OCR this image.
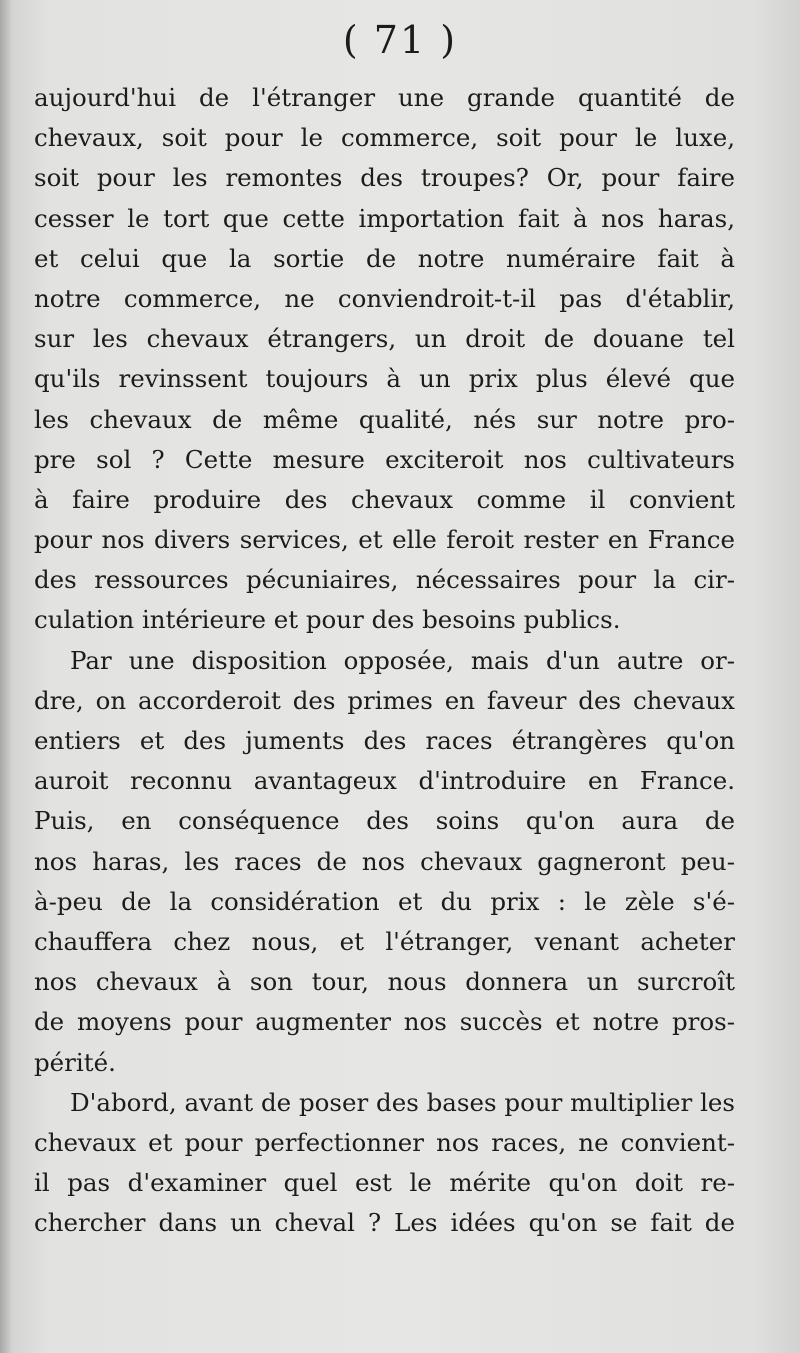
( 71 )
aujourd'hui de l'étranger une grande quantité de
chevaux, soit pour le commerce, soit pour le luxe,
soit pour les remontes des troupes? Or, pour faire
cesser le tort que cette importation fait à nos haras,
et celui que la sortie de notre numéraire fait à
notre commerce, ne conviendroit-t-il pas d'établir,
sur les chevaux étrangers, un droit de douane tel
qu'ils revinssent toujours à un prix plus élevé que
les chevaux de même qualité, nés sur notre pro-
pre sol ? Cette mesure exciteroit nos cultivateurs
à faire produire des chevaux comme il convient
pour nos divers services, et elle feroit rester en France
des ressources pécuniaires, nécessaires pour la cir-
culation intérieure et pour des besoins publics.
Par une disposition opposée, mais d'un autre or-
dre, on accorderoit des primes en faveur des chevaux
entiers et des juments des races étrangères qu'on
auroit reconnu avantageux d'introduire en France.
Puis, en conséquence des soins qu'on aura de
nos haras, les races de nos chevaux gagneront peu-
à-peu de la considération et du prix : le zèle s'é-
chauffera chez nous, et l'étranger, venant acheter
nos chevaux à son tour, nous donnera un surcroît
de moyens pour augmenter nos succès et notre pros-
périté.
D'abord, avant de poser des bases pour multiplier les
chevaux et pour perfectionner nos races, ne convient-
il pas d'examiner quel est le mérite qu'on doit re-
chercher dans un cheval ? Les idées qu'on se fait de
